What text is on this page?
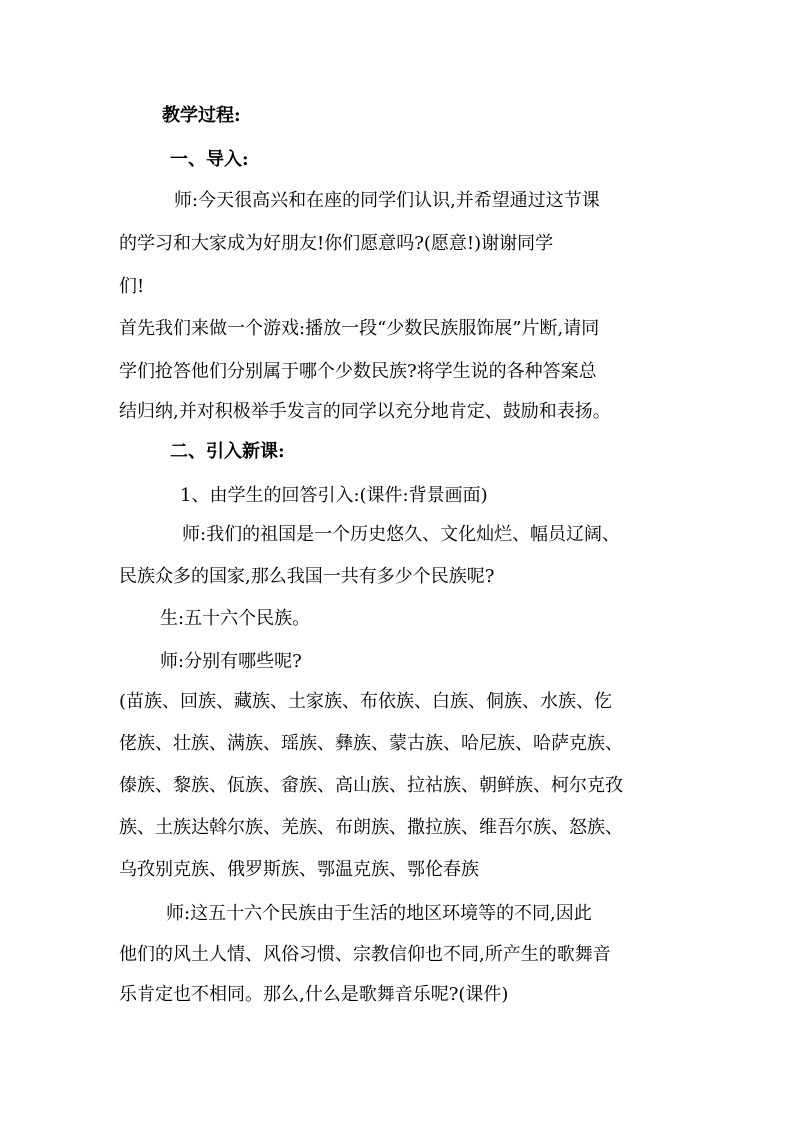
教学过程:
一、导入:
师:今天很高兴和在座的同学们认识,并希望通过这节课
的学习和大家成为好朋友!你们愿意吗?(愿意!)谢谢同学
们!
首先我们来做一个游戏:播放一段“少数民族服饰展”片断,请同
学们抢答他们分别属于哪个少数民族?将学生说的各种答案总
结归纳,并对积极举手发言的同学以充分地肯定、鼓励和表扬。
二、引入新课:
1、由学生的回答引入:(课件:背景画面)
师:我们的祖国是一个历史悠久、文化灿烂、幅员辽阔、
民族众多的国家,那么我国一共有多少个民族呢?
生:五十六个民族。
师:分别有哪些呢?
(苗族、回族、藏族、土家族、布依族、白族、侗族、水族、仡
佬族、壮族、满族、瑶族、彝族、蒙古族、哈尼族、哈萨克族、
傣族、黎族、佤族、畲族、高山族、拉祜族、朝鲜族、柯尔克孜
族、土族达斡尔族、羌族、布朗族、撒拉族、维吾尔族、怒族、
乌孜别克族、俄罗斯族、鄂温克族、鄂伦春族
师:这五十六个民族由于生活的地区环境等的不同,因此
他们的风土人情、风俗习惯、宗教信仰也不同,所产生的歌舞音
乐肯定也不相同。那么,什么是歌舞音乐呢?(课件)
